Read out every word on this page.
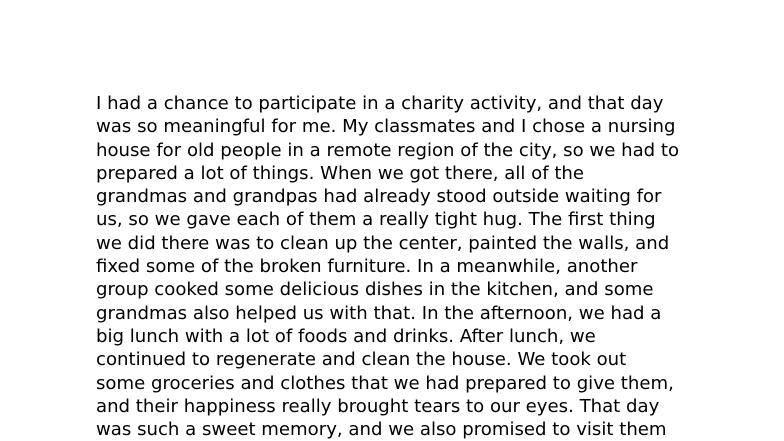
I had a chance to participate in a charity activity, and that day
was so meaningful for me. My classmates and I chose a nursing
house for old people in a remote region of the city, so we had to
prepared a lot of things. When we got there, all of the
grandmas and grandpas had already stood outside waiting for
us, so we gave each of them a really tight hug. The first thing
we did there was to clean up the center, painted the walls, and
fixed some of the broken furniture. In a meanwhile, another
group cooked some delicious dishes in the kitchen, and some
grandmas also helped us with that. In the afternoon, we had a
big lunch with a lot of foods and drinks. After lunch, we
continued to regenerate and clean the house. We took out
some groceries and clothes that we had prepared to give them,
and their happiness really brought tears to our eyes. That day
was such a sweet memory, and we also promised to visit them
